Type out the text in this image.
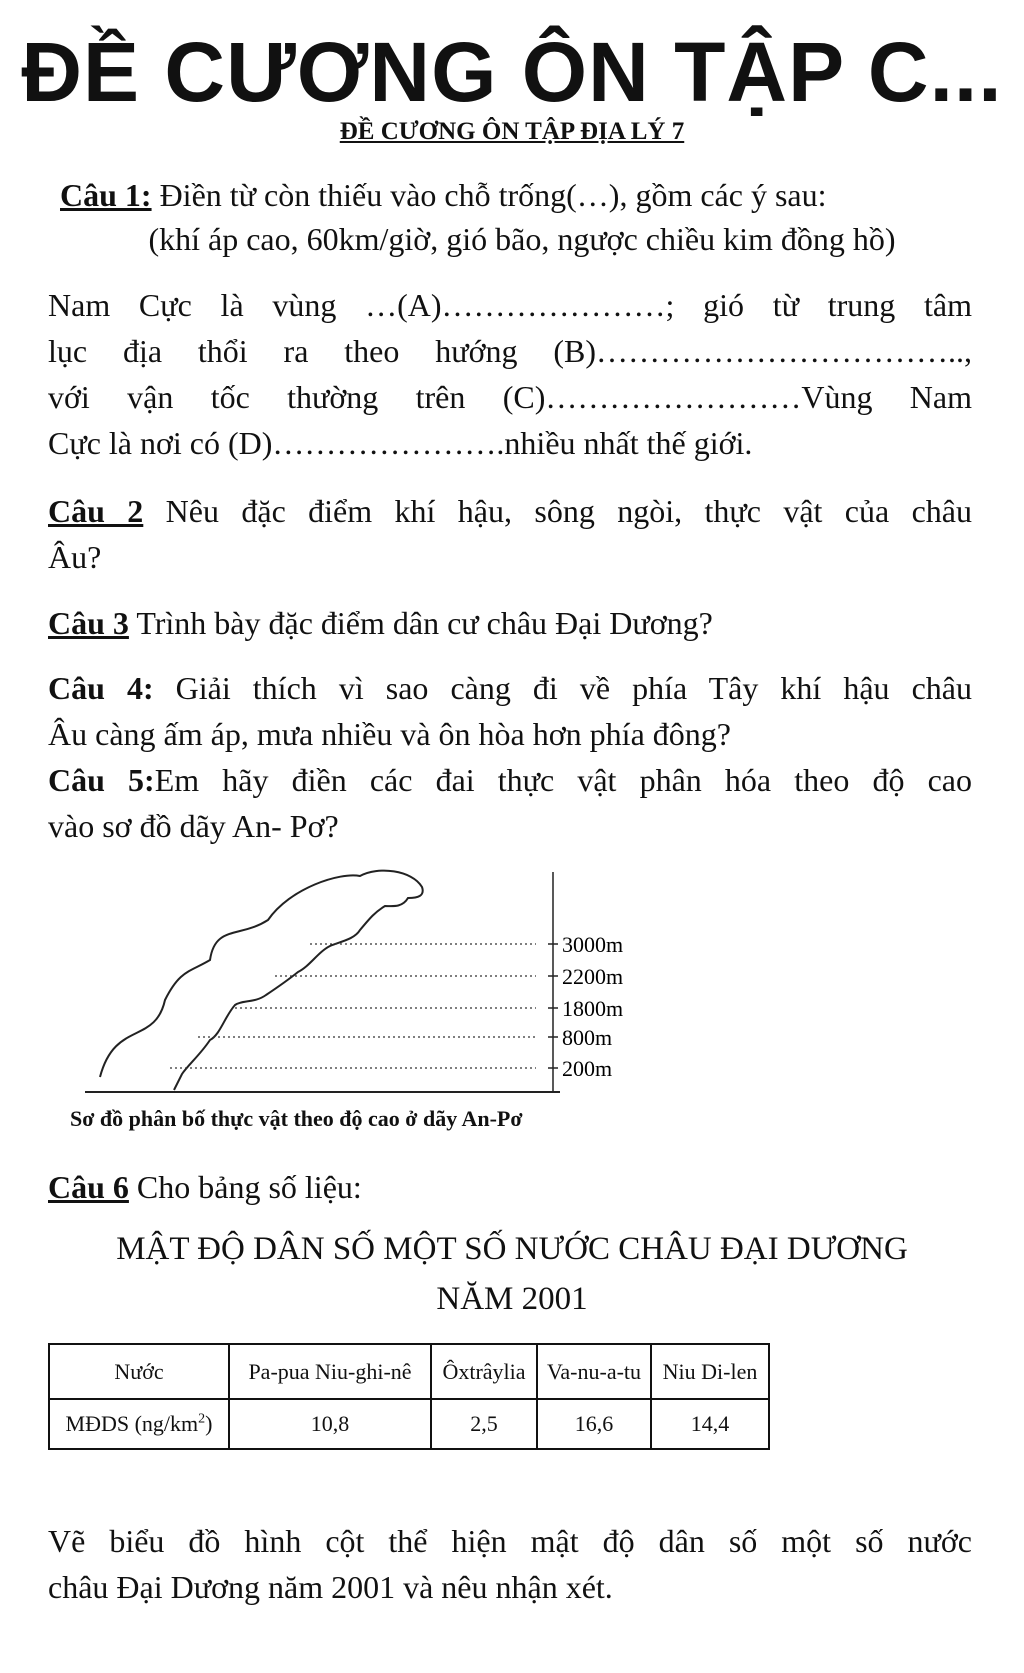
ĐỀ CƯƠNG ÔN TẬP C...
ĐỀ CƯƠNG ÔN TẬP ĐỊA LÝ 7
Câu 1: Điền từ còn thiếu vào chỗ trống(…), gồm các ý sau:
(khí áp cao, 60km/giờ, gió bão, ngược chiều kim đồng hồ)
Nam Cực là vùng …(A)…………………; gió từ trung tâm
lục địa thổi ra theo hướng (B)……………………………..,
với vận tốc thường trên (C)……………………Vùng Nam
Cực là nơi có (D)………………….nhiều nhất thế giới.
Câu 2 Nêu đặc điểm khí hậu, sông ngòi, thực vật của châu
Âu?
Câu 3 Trình bày đặc điểm dân cư châu Đại Dương?
Câu 4: Giải thích vì sao càng đi về phía Tây khí hậu châu
Âu càng ấm áp, mưa nhiều và ôn hòa hơn phía đông?
Câu 5:Em hãy điền các đai thực vật phân hóa theo độ cao
vào sơ đồ dãy An- Pơ?
3000m
2200m
1800m
800m
200m
Sơ đồ phân bố thực vật theo độ cao ở dãy An-Pơ
Câu 6 Cho bảng số liệu:
MẬT ĐỘ DÂN SỐ MỘT SỐ NƯỚC CHÂU ĐẠI DƯƠNG
NĂM 2001
Nước	Pa-pua Niu-ghi-nê	Ôxtrâylia	Va-nu-a-tu	Niu Di-len
MĐDS $(ng/km^2)$	10,8	2,5	16,6	14,4
Vẽ biểu đồ hình cột thể hiện mật độ dân số một số nước
châu Đại Dương năm 2001 và nêu nhận xét.
